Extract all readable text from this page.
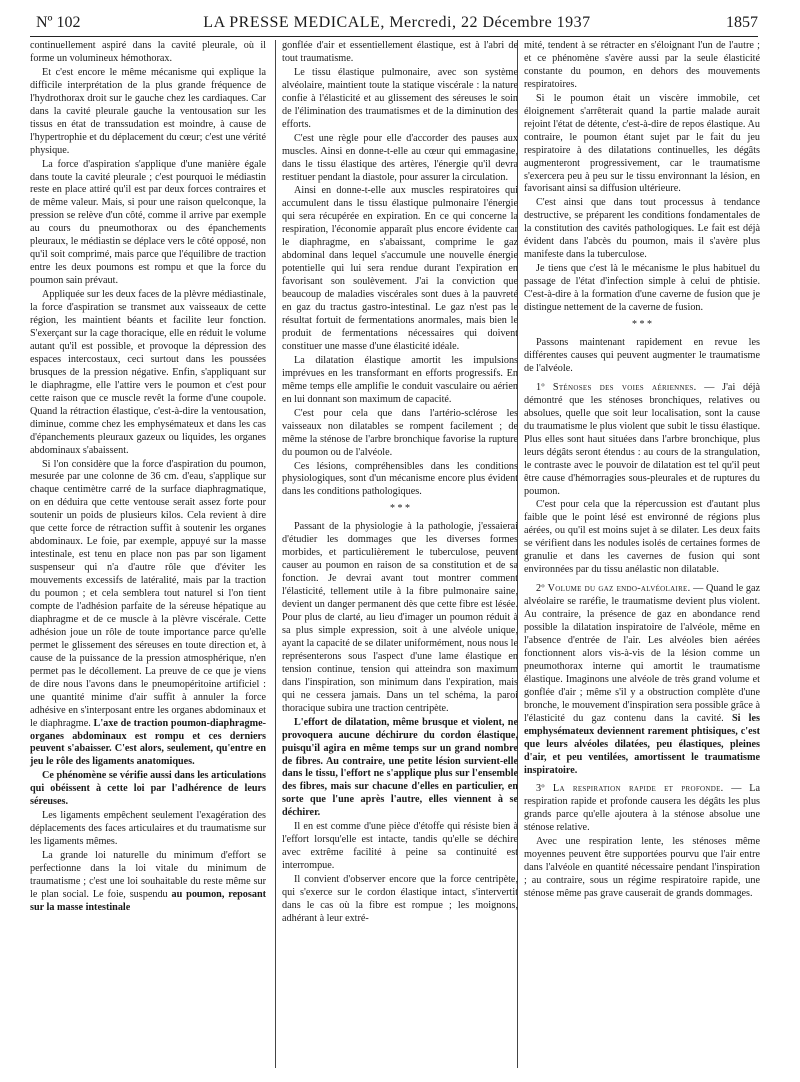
Nº 102	LA PRESSE MEDICALE, Mercredi, 22 Décembre 1937	1857

continuellement aspiré dans la cavité pleurale, où il forme un volumineux hémothorax.

Et c'est encore le même mécanisme qui explique la difficile interprétation de la plus grande fréquence de l'hydrothorax droit sur le gauche chez les cardiaques. Car dans la cavité pleurale gauche la ventousation sur les tissus en état de transsudation est moindre, à cause de l'hypertrophie et du déplacement du cœur; c'est une vérité physique.

La force d'aspiration s'applique d'une manière égale dans toute la cavité pleurale ; c'est pourquoi le médiastin reste en place attiré qu'il est par deux forces contraires et de même valeur. Mais, si pour une raison quelconque, la pression se relève d'un côté, comme il arrive par exemple au cours du pneumothorax ou des épanchements pleuraux, le médiastin se déplace vers le côté opposé, non qu'il soit comprimé, mais parce que l'équilibre de traction entre les deux poumons est rompu et que la force du poumon sain prévaut.

Appliquée sur les deux faces de la plèvre médiastinale, la force d'aspiration se transmet aux vaisseaux de cette région, les maintient béants et facilite leur fonction. S'exerçant sur la cage thoracique, elle en réduit le volume autant qu'il est possible, et provoque la dépression des espaces intercostaux, ceci surtout dans les poussées brusques de la pression négative. Enfin, s'appliquant sur le diaphragme, elle l'attire vers le poumon et c'est pour cette raison que ce muscle revêt la forme d'une coupole. Quand la rétraction élastique, c'est-à-dire la ventousation, diminue, comme chez les emphysémateux et dans les cas d'épanchements pleuraux gazeux ou liquides, les organes abdominaux s'abaissent.

Si l'on considère que la force d'aspiration du poumon, mesurée par une colonne de 36 cm. d'eau, s'applique sur chaque centimètre carré de la surface diaphragmatique, on en déduira que cette ventouse serait assez forte pour soutenir un poids de plusieurs kilos. Cela revient à dire que cette force de rétraction suffit à soutenir les organes abdominaux. Le foie, par exemple, appuyé sur la masse intestinale, est tenu en place non pas par son ligament suspenseur qui n'a d'autre rôle que d'éviter les mouvements excessifs de latéralité, mais par la traction du poumon ; et cela semblera tout naturel si l'on tient compte de l'adhésion parfaite de la séreuse hépatique au diaphragme et de ce muscle à la plèvre viscérale. Cette adhésion joue un rôle de toute importance parce qu'elle permet le glissement des séreuses en toute direction et, à cause de la puissance de la pression atmosphérique, n'en permet pas le décollement. La preuve de ce que je viens de dire nous l'avons dans le pneumopéritoine artificiel : une quantité minime d'air suffit à annuler la force adhésive en s'interposant entre les organes abdominaux et le diaphragme. L'axe de traction poumon-diaphragme-organes abdominaux est rompu et ces derniers peuvent s'abaisser. C'est alors, seulement, qu'entre en jeu le rôle des ligaments anatomiques.

Ce phénomène se vérifie aussi dans les articulations qui obéissent à cette loi par l'adhérence de leurs séreuses.

Les ligaments empêchent seulement l'exagération des déplacements des faces articulaires et du traumatisme sur les ligaments mêmes.

La grande loi naturelle du minimum d'effort se perfectionne dans la loi vitale du minimum de traumatisme ; c'est une loi souhaitable du reste même sur le plan social. Le foie, suspendu au poumon, reposant sur la masse intestinale

gonflée d'air et essentiellement élastique, est à l'abri de tout traumatisme.

Le tissu élastique pulmonaire, avec son système alvéolaire, maintient toute la statique viscérale : la nature confie à l'élasticité et au glissement des séreuses le soin de l'élimination des traumatismes et de la diminution des efforts.

C'est une règle pour elle d'accorder des pauses aux muscles. Ainsi en donne-t-elle au cœur qui emmagasine, dans le tissu élastique des artères, l'énergie qu'il devra restituer pendant la diastole, pour assurer la circulation.

Ainsi en donne-t-elle aux muscles respiratoires qui accumulent dans le tissu élastique pulmonaire l'énergie qui sera récupérée en expiration. En ce qui concerne la respiration, l'économie apparaît plus encore évidente car le diaphragme, en s'abaissant, comprime le gaz abdominal dans lequel s'accumule une nouvelle énergie potentielle qui lui sera rendue durant l'expiration en favorisant son soulèvement. J'ai la conviction que beaucoup de maladies viscérales sont dues à la pauvreté en gaz du tractus gastro-intestinal. Le gaz n'est pas le résultat fortuit de fermentations anormales, mais bien le produit de fermentations nécessaires qui doivent constituer une masse d'une élasticité idéale.

La dilatation élastique amortit les impulsions imprévues en les transformant en efforts progressifs. En même temps elle amplifie le conduit vasculaire ou aérien en lui donnant son maximum de capacité.

C'est pour cela que dans l'artério-sclérose les vaisseaux non dilatables se rompent facilement ; de même la sténose de l'arbre bronchique favorise la rupture du poumon ou de l'alvéole.

Ces lésions, compréhensibles dans les conditions physiologiques, sont d'un mécanisme encore plus évident dans les conditions pathologiques.

* * *

Passant de la physiologie à la pathologie, j'essaierai d'étudier les dommages que les diverses formes morbides, et particulièrement le tuberculose, peuvent causer au poumon en raison de sa constitution et de sa fonction. Je devrai avant tout montrer comment l'élasticité, tellement utile à la fibre pulmonaire saine, devient un danger permanent dès que cette fibre est lésée. Pour plus de clarté, au lieu d'imager un poumon réduit à sa plus simple expression, soit à une alvéole unique, ayant la capacité de se dilater uniformément, nous nous le représenterons sous l'aspect d'une lame élastique en tension continue, tension qui atteindra son maximum dans l'inspiration, son minimum dans l'expiration, mais qui ne cessera jamais. Dans un tel schéma, la paroi thoracique subira une traction centripète.

L'effort de dilatation, même brusque et violent, ne provoquera aucune déchirure du cordon élastique, puisqu'il agira en même temps sur un grand nombre de fibres. Au contraire, une petite lésion survient-elle dans le tissu, l'effort ne s'applique plus sur l'ensemble des fibres, mais sur chacune d'elles en particulier, en sorte que l'une après l'autre, elles viennent à se déchirer.

Il en est comme d'une pièce d'étoffe qui résiste bien à l'effort lorsqu'elle est intacte, tandis qu'elle se déchire avec extrême facilité à peine sa continuité est interrompue.

Il convient d'observer encore que la force centripète, qui s'exerce sur le cordon élastique intact, s'intervertit dans le cas où la fibre est rompue ; les moignons, adhérant à leur extré-

mité, tendent à se rétracter en s'éloignant l'un de l'autre ; et ce phénomène s'avère aussi par la seule élasticité constante du poumon, en dehors des mouvements respiratoires.

Si le poumon était un viscère immobile, cet éloignement s'arrêterait quand la partie malade aurait rejoint l'état de détente, c'est-à-dire de repos élastique. Au contraire, le poumon étant sujet par le fait du jeu respiratoire à des dilatations continuelles, les dégâts augmenteront progressivement, car le traumatisme s'exercera peu à peu sur le tissu environnant la lésion, en favorisant ainsi sa diffusion ultérieure.

C'est ainsi que dans tout processus à tendance destructive, se préparent les conditions fondamentales de la constitution des cavités pathologiques. Le fait est déjà évident dans l'abcès du poumon, mais il s'avère plus manifeste dans la tuberculose.

Je tiens que c'est là le mécanisme le plus habituel du passage de l'état d'infection simple à celui de phtisie. C'est-à-dire à la formation d'une caverne de fusion que je distingue nettement de la caverne de fusion.

* * *

Passons maintenant rapidement en revue les différentes causes qui peuvent augmenter le traumatisme de l'alvéole.

1º Sténoses des voies aériennes. — J'ai déjà démontré que les sténoses bronchiques, relatives ou absolues, quelle que soit leur localisation, sont la cause du traumatisme le plus violent que subit le tissu élastique. Plus elles sont haut situées dans l'arbre bronchique, plus leurs dégâts seront étendus : au cours de la strangulation, le contraste avec le pouvoir de dilatation est tel qu'il peut être cause d'hémorragies sous-pleurales et de ruptures du poumon.

C'est pour cela que la répercussion est d'autant plus faible que le point lésé est environné de régions plus aérées, ou qu'il est moins sujet à se dilater. Les deux faits se vérifient dans les nodules isolés de certaines formes de granulie et dans les cavernes de fusion qui sont environnées par du tissu anélastic non dilatable.

2º Volume du gaz endo-alvéolaire. — Quand le gaz alvéolaire se raréfie, le traumatisme devient plus violent. Au contraire, la présence de gaz en abondance rend possible la dilatation inspiratoire de l'alvéole, même en l'absence d'entrée de l'air. Les alvéoles bien aérées fonctionnent alors vis-à-vis de la lésion comme un pneumothorax interne qui amortit le traumatisme élastique. Imaginons une alvéole de très grand volume et gonflée d'air ; même s'il y a obstruction complète d'une bronche, le mouvement d'inspiration sera possible grâce à l'élasticité du gaz contenu dans la cavité. Si les emphysémateux deviennent rarement phtisiques, c'est que leurs alvéoles dilatées, peu élastiques, pleines d'air, et peu ventilées, amortissent le traumatisme inspiratoire.

3º La respiration rapide et profonde. — La respiration rapide et profonde causera les dégâts les plus grands parce qu'elle ajoutera à la sténose absolue une sténose relative.

Avec une respiration lente, les sténoses même moyennes peuvent être supportées pourvu que l'air entre dans l'alvéole en quantité nécessaire pendant l'inspiration ; au contraire, sous un régime respiratoire rapide, une sténose même pas grave causerait de grands dommages.
